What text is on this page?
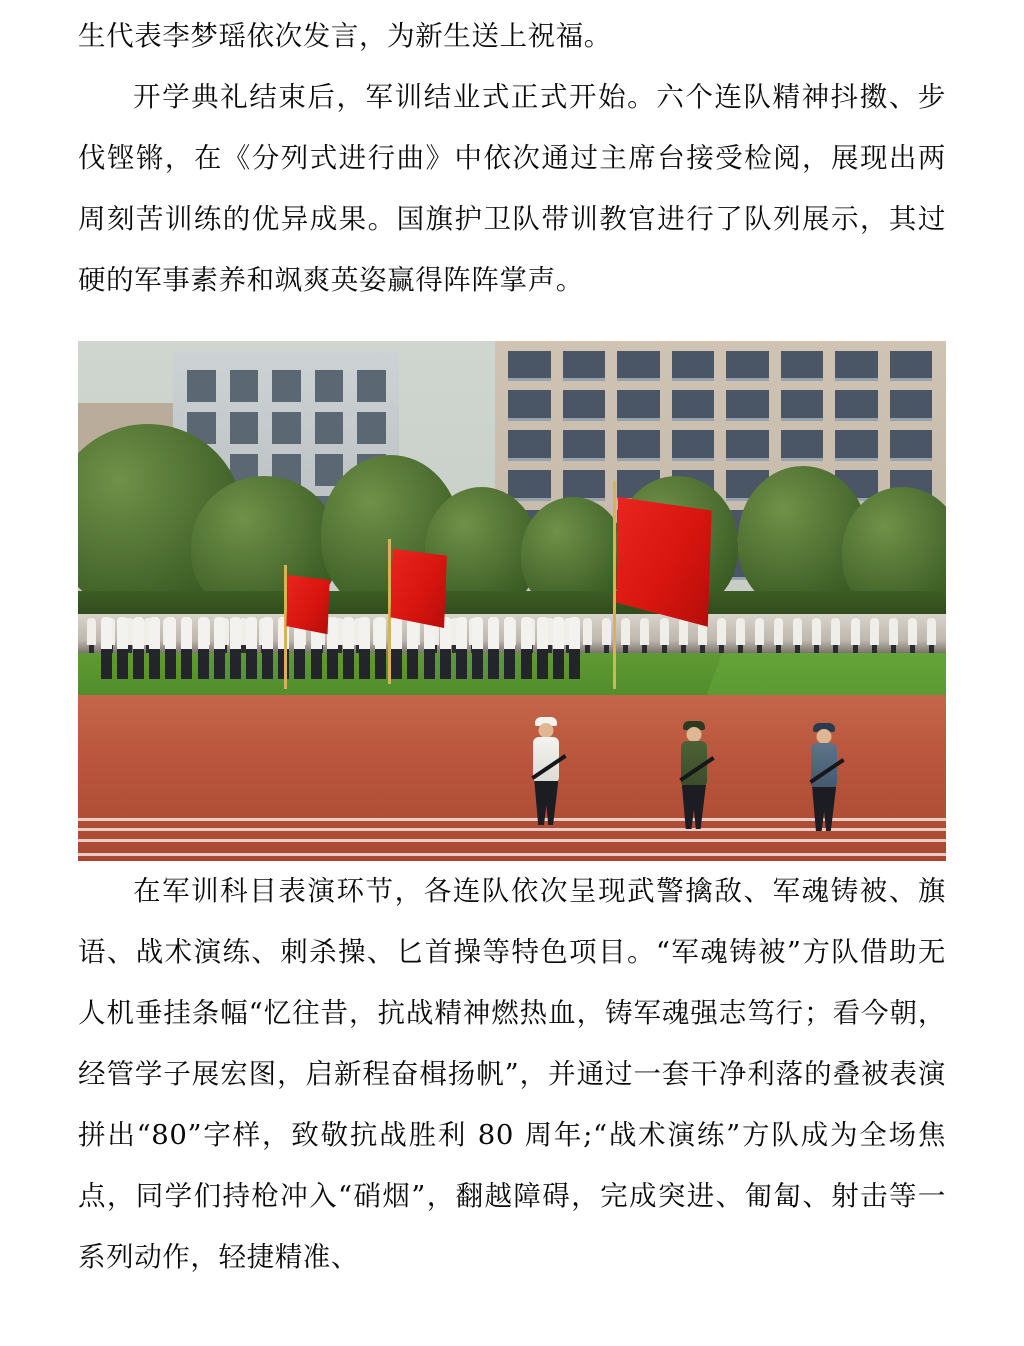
生代表李梦瑶依次发言，为新生送上祝福。

开学典礼结束后，军训结业式正式开始。六个连队精神抖擞、步伐铿锵，在《分列式进行曲》中依次通过主席台接受检阅，展现出两周刻苦训练的优异成果。国旗护卫队带训教官进行了队列展示，其过硬的军事素养和飒爽英姿赢得阵阵掌声。

在军训科目表演环节，各连队依次呈现武警擒敌、军魂铸被、旗语、战术演练、刺杀操、匕首操等特色项目。“军魂铸被”方队借助无人机垂挂条幅“忆往昔，抗战精神燃热血，铸军魂强志笃行；看今朝，经管学子展宏图，启新程奋楫扬帆”，并通过一套干净利落的叠被表演拼出“80”字样，致敬抗战胜利 80 周年;“战术演练”方队成为全场焦点，同学们持枪冲入“硝烟”，翻越障碍，完成突进、匍匐、射击等一系列动作，轻捷精准、
